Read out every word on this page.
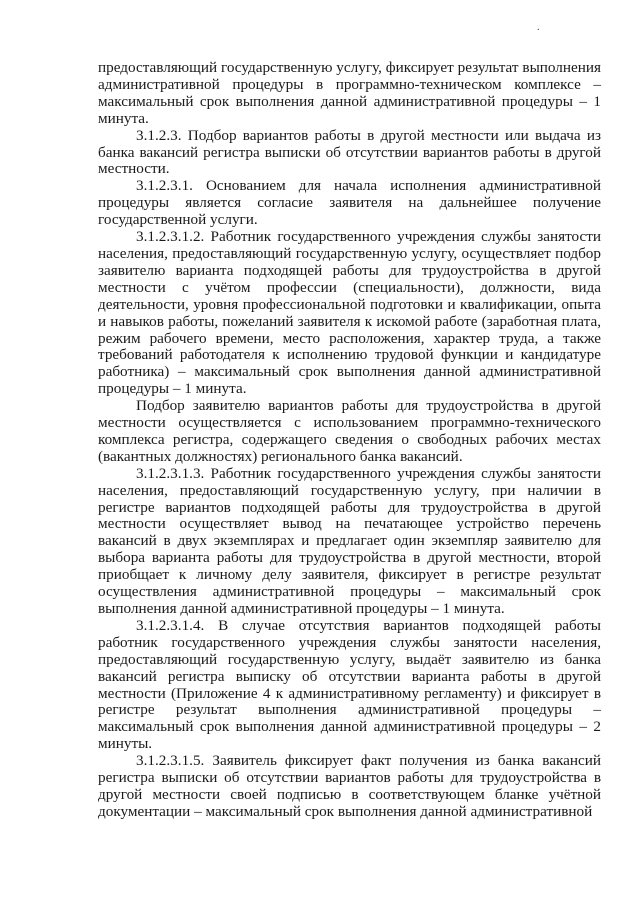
.

предоставляющий государственную услугу, фиксирует результат выполнения административной процедуры в программно-техническом комплексе – максимальный срок выполнения данной административной процедуры – 1 минута.

3.1.2.3. Подбор вариантов работы в другой местности или выдача из банка вакансий регистра выписки об отсутствии вариантов работы в другой местности.

3.1.2.3.1. Основанием для начала исполнения административной процедуры является согласие заявителя на дальнейшее получение государственной услуги.

3.1.2.3.1.2. Работник государственного учреждения службы занятости населения, предоставляющий государственную услугу, осуществляет подбор заявителю варианта подходящей работы для трудоустройства в другой местности с учётом профессии (специальности), должности, вида деятельности, уровня профессиональной подготовки и квалификации, опыта и навыков работы, пожеланий заявителя к искомой работе (заработная плата, режим рабочего времени, место расположения, характер труда, а также требований работодателя к исполнению трудовой функции и кандидатуре работника) – максимальный срок выполнения данной административной процедуры – 1 минута.

Подбор заявителю вариантов работы для трудоустройства в другой местности осуществляется с использованием программно-технического комплекса регистра, содержащего сведения о свободных рабочих местах (вакантных должностях) регионального банка вакансий.

3.1.2.3.1.3. Работник государственного учреждения службы занятости населения, предоставляющий государственную услугу, при наличии в регистре вариантов подходящей работы для трудоустройства в другой местности осуществляет вывод на печатающее устройство перечень вакансий в двух экземплярах и предлагает один экземпляр заявителю для выбора варианта работы для трудоустройства в другой местности, второй приобщает к личному делу заявителя, фиксирует в регистре результат осуществления административной процедуры – максимальный срок выполнения данной административной процедуры – 1 минута.

3.1.2.3.1.4. В случае отсутствия вариантов подходящей работы работник государственного учреждения службы занятости населения, предоставляющий государственную услугу, выдаёт заявителю из банка вакансий регистра выписку об отсутствии варианта работы в другой местности (Приложение 4 к административному регламенту) и фиксирует в регистре результат выполнения административной процедуры – максимальный срок выполнения данной административной процедуры – 2 минуты.

3.1.2.3.1.5. Заявитель фиксирует факт получения из банка вакансий регистра выписки об отсутствии вариантов работы для трудоустройства в другой местности своей подписью в соответствующем бланке учётной документации – максимальный срок выполнения данной административной
